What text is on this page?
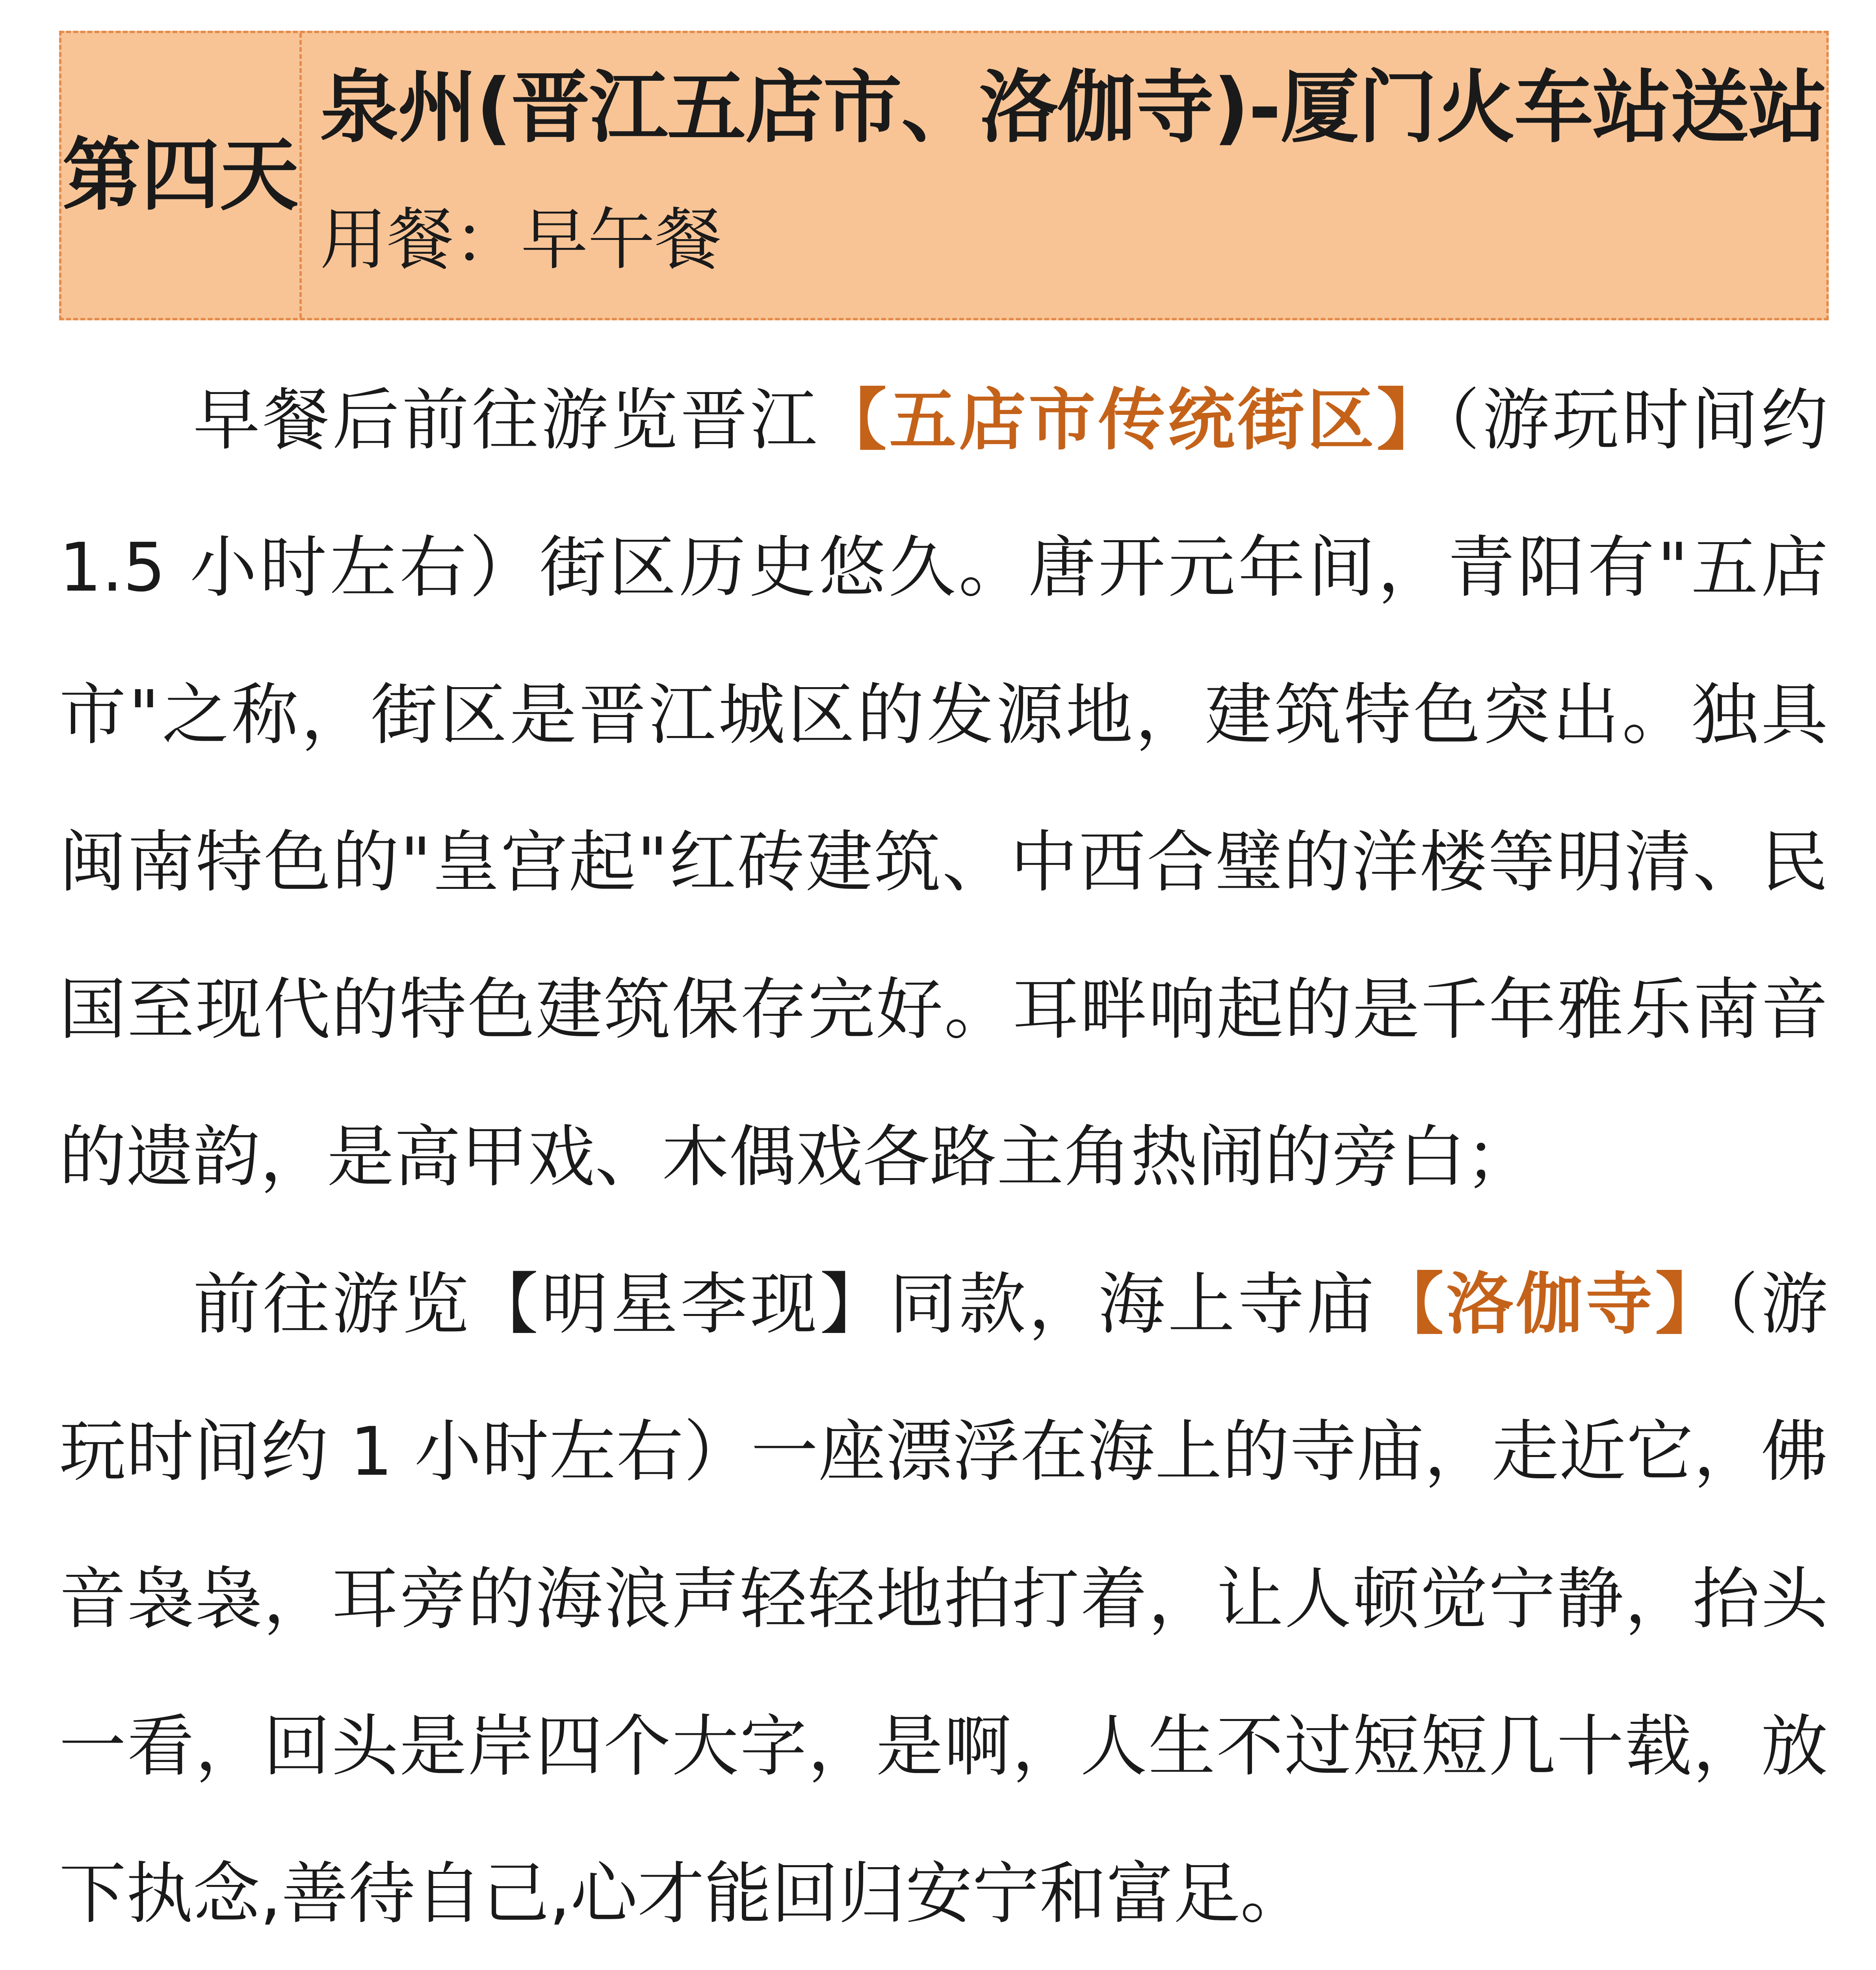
第四天
泉州(晋江五店市、洛伽寺)-厦门火车站送站
用餐：早午餐

早餐后前往游览晋江【五店市传统街区】（游玩时间约 1.5 小时左右）街区历史悠久。唐开元年间，青阳有"五店市"之称，街区是晋江城区的发源地，建筑特色突出。独具闽南特色的"皇宫起"红砖建筑、中西合璧的洋楼等明清、民国至现代的特色建筑保存完好。耳畔响起的是千年雅乐南音的遗韵，是高甲戏、木偶戏各路主角热闹的旁白；

前往游览【明星李现】同款，海上寺庙【洛伽寺】（游玩时间约 1 小时左右）一座漂浮在海上的寺庙，走近它，佛音袅袅，耳旁的海浪声轻轻地拍打着，让人顿觉宁静，抬头一看，回头是岸四个大字，是啊，人生不过短短几十载，放下执念,善待自己,心才能回归安宁和富足。
